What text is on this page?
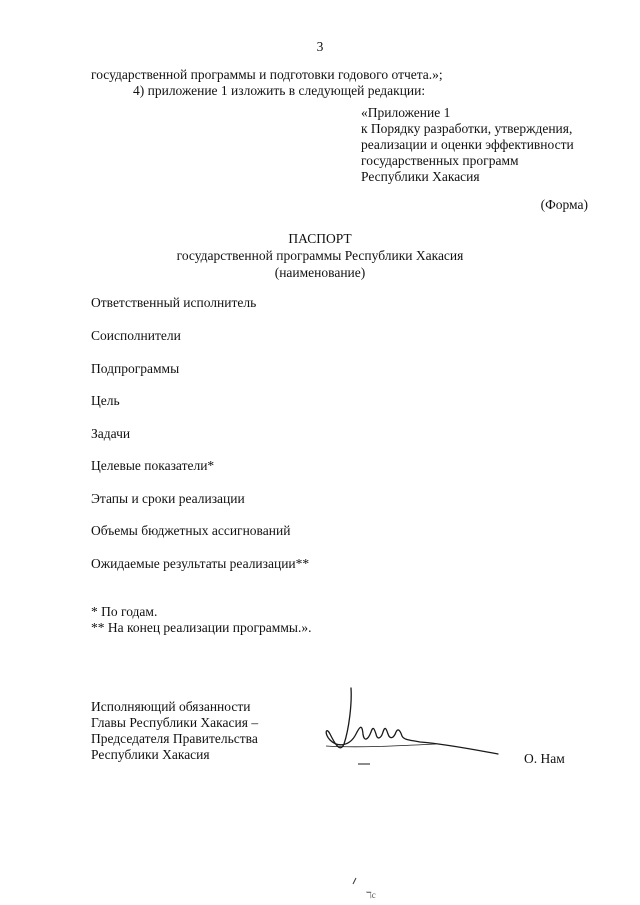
3
государственной программы и подготовки годового отчета.»;
4) приложение 1 изложить в следующей редакции:
«Приложение 1
к Порядку разработки, утверждения,
реализации и оценки эффективности
государственных программ
Республики Хакасия
(Форма)
ПАСПОРТ
государственной программы Республики Хакасия
(наименование)
Ответственный исполнитель
Соисполнители
Подпрограммы
Цель
Задачи
Целевые показатели*
Этапы и сроки реализации
Объемы бюджетных ассигнований
Ожидаемые результаты реализации**
* По годам.
** На конец реализации программы.».
Исполняющий обязанности
Главы Республики Хакасия –
Председателя Правительства
Республики Хакасия	О. Нам
ℸc
